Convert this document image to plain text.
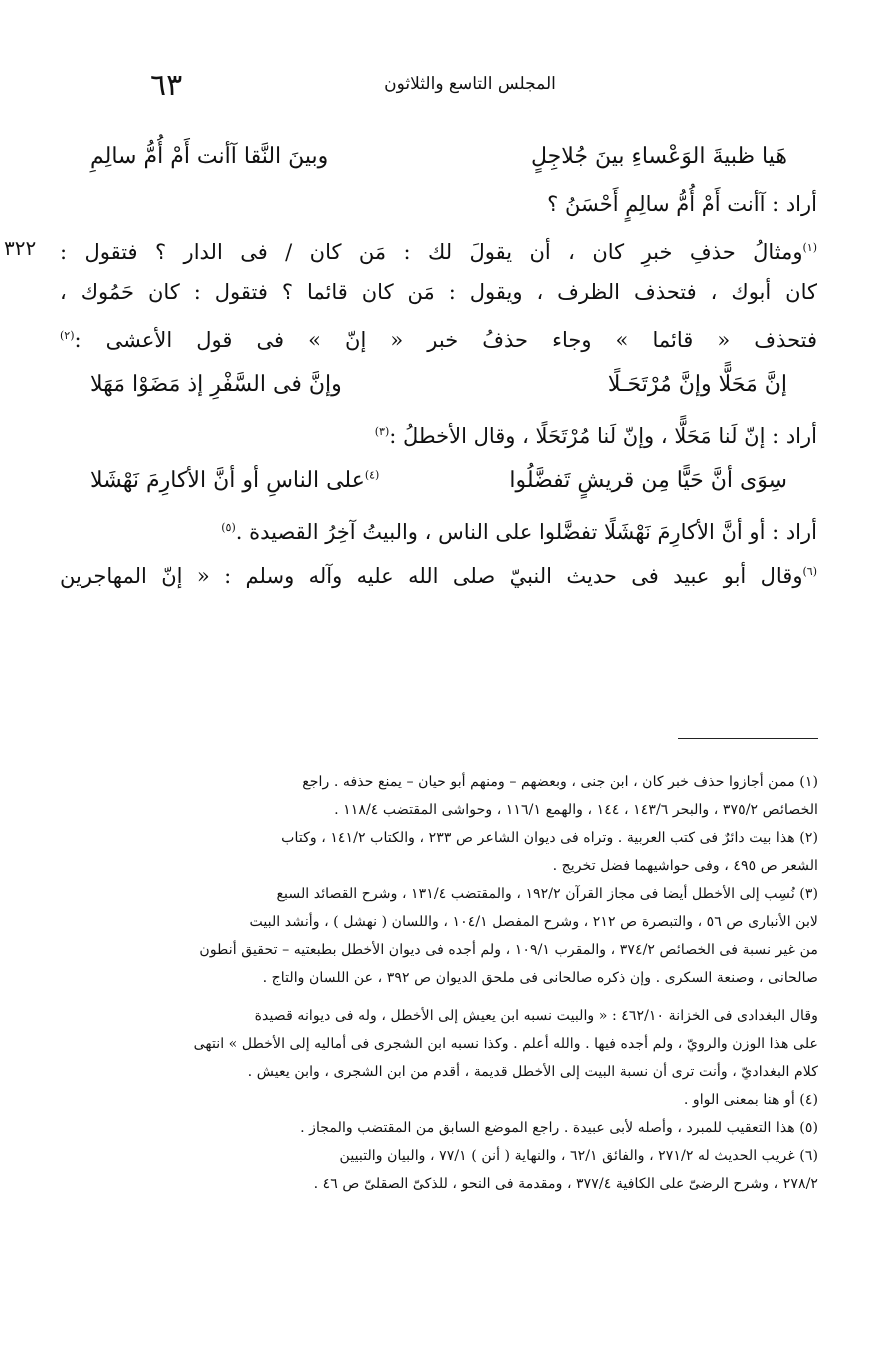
٦٣	المجلس التاسع والثلاثون
هَيا ظبيةَ الوَعْساءِ بينَ جُلاجِلٍ
وبينَ النَّقا آأنت أَمْ أُمُّ سالِمِ
أراد : آأنت أَمْ أُمُّ سالِمٍ أَحْسَنُ ؟
٣٢٢	$^{(١)}$ومثالُ حذفِ خبرِ كان ، أن يقولَ لك : مَن كان / فى الدار ؟ فتقول :
كان أبوك ، فتحذف الظرف ، ويقول : مَن كان قائما ؟ فتقول : كان حَمُوك ،
فتحذف « قائما » وجاء حذفُ خبر « إنّ » فى قول الأعشى :$^{(٢)}$
إنَّ مَحَلًّا وإنَّ مُرْتَحَـلًا
وإنَّ فى السَّفْرِ إذ مَضَوْا مَهَلا
أراد : إنّ لَنا مَحَلًّا ، وإنّ لَنا مُرْتَحَلًا ، وقال الأخطلُ :$^{(٣)}$
سِوَى أنَّ حَيًّا مِن قريشٍ تَفضَّلُوا
$^{(٤)}$على الناسِ أو أنَّ الأكارِمَ نَهْشَلا
أراد : أو أنَّ الأكارِمَ نَهْشَلًا تفضَّلوا على الناس ، والبيتُ آخِرُ القصيدة .$^{(٥)}$
$^{(٦)}$وقال أبو عبيد فى حديث النبيّ صلى الله عليه وآله وسلم : « إنّ المهاجرين

(١) ممن أجازوا حذف خبر كان ، ابن جنى ، وبعضهم – ومنهم أبو حيان – يمنع حذفه . راجع

الخصائص ٣٧٥/٢ ، والبحر ١٤٣/٦ ، ١٤٤ ، والهمع ١١٦/١ ، وحواشى المقتضب ١١٨/٤ .

(٢) هذا بيت دائرٌ فى كتب العربية . وتراه فى ديوان الشاعر ص ٢٣٣ ، والكتاب ١٤١/٢ ، وكتاب

الشعر ص ٤٩٥ ، وفى حواشيهما فضل تخريج .

(٣) نُسِب إلى الأخطل أيضا فى مجاز القرآن ١٩٢/٢ ، والمقتضب ١٣١/٤ ، وشرح القصائد السبع

لابن الأنبارى ص ٥٦ ، والتبصرة ص ٢١٢ ، وشرح المفصل ١٠٤/١ ، واللسان ( نهشل ) ، وأنشد البيت

من غير نسبة فى الخصائص ٣٧٤/٢ ، والمقرب ١٠٩/١ ، ولم أجده فى ديوان الأخطل بطبعتيه – تحقيق أنطون

صالحانى ، وصنعة السكرى . وإن ذكره صالحانى فى ملحق الديوان ص ٣٩٢ ، عن اللسان والتاج .

وقال البغدادى فى الخزانة ٤٦٢/١٠ : « والبيت نسبه ابن يعيش إلى الأخطل ، وله فى ديوانه قصيدة

على هذا الوزن والرويّ ، ولم أجده فيها . والله أعلم . وكذا نسبه ابن الشجرى فى أماليه إلى الأخطل » انتهى

كلام البغداديّ ، وأنت ترى أن نسبة البيت إلى الأخطل قديمة ، أقدم من ابن الشجرى ، وابن يعيش .

(٤) أو هنا بمعنى الواو .

(٥) هذا التعقيب للمبرد ، وأصله لأبى عبيدة . راجع الموضع السابق من المقتضب والمجاز .

(٦) غريب الحديث له ٢٧١/٢ ، والفائق ٦٢/١ ، والنهاية ( أنن ) ٧٧/١ ، والبيان والتبيين

٢٧٨/٢ ، وشرح الرضىّ على الكافية ٣٧٧/٤ ، ومقدمة فى النحو ، للذكىّ الصقلىّ ص ٤٦ .
